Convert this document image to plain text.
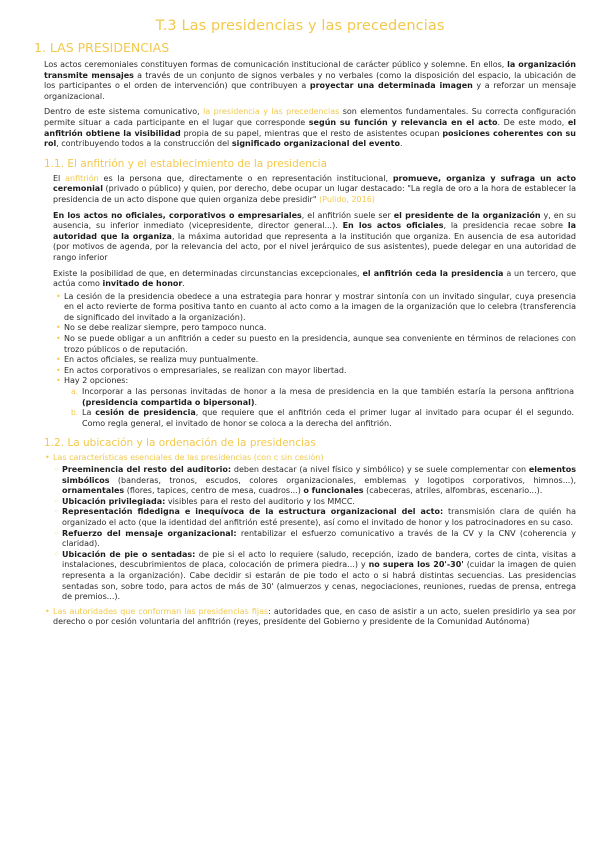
T.3 Las presidencias y las precedencias
1. LAS PRESIDENCIAS

Los actos ceremoniales constituyen formas de comunicación institucional de carácter público y solemne. En ellos, la organización transmite mensajes a través de un conjunto de signos verbales y no verbales (como la disposición del espacio, la ubicación de los participantes o el orden de intervención) que contribuyen a proyectar una determinada imagen y a reforzar un mensaje organizacional.

Dentro de este sistema comunicativo, la presidencia y las precedencias son elementos fundamentales. Su correcta configuración permite situar a cada participante en el lugar que corresponde según su función y relevancia en el acto. De este modo, el anfitrión obtiene la visibilidad propia de su papel, mientras que el resto de asistentes ocupan posiciones coherentes con su rol, contribuyendo todos a la construcción del significado organizacional del evento.

1.1. El anfitrión y el establecimiento de la presidencia

El anfitrión es la persona que, directamente o en representación institucional, promueve, organiza y sufraga un acto ceremonial (privado o público) y quien, por derecho, debe ocupar un lugar destacado: "La regla de oro a la hora de establecer la presidencia de un acto dispone que quien organiza debe presidir" (Pulido, 2016)

En los actos no oficiales, corporativos o empresariales, el anfitrión suele ser el presidente de la organización y, en su ausencia, su inferior inmediato (vicepresidente, director general...). En los actos oficiales, la presidencia recae sobre la autoridad que la organiza, la máxima autoridad que representa a la institución que organiza. En ausencia de esa autoridad (por motivos de agenda, por la relevancia del acto, por el nivel jerárquico de sus asistentes), puede delegar en una autoridad de rango inferior

Existe la posibilidad de que, en determinadas circunstancias excepcionales, el anfitrión ceda la presidencia a un tercero, que actúa como invitado de honor.

• La cesión de la presidencia obedece a una estrategia para honrar y mostrar sintonía con un invitado singular, cuya presencia en el acto revierte de forma positiva tanto en cuanto al acto como a la imagen de la organización que lo celebra (transferencia de significado del invitado a la organización).
• No se debe realizar siempre, pero tampoco nunca.
• No se puede obligar a un anfitrión a ceder su puesto en la presidencia, aunque sea conveniente en términos de relaciones con trozo públicos o de reputación.
• En actos oficiales, se realiza muy puntualmente.
• En actos corporativos o empresariales, se realizan con mayor libertad.
• Hay 2 opciones:
a. Incorporar a las personas invitadas de honor a la mesa de presidencia en la que también estaría la persona anfitriona (presidencia compartida o bipersonal).
b. La cesión de presidencia, que requiere que el anfitrión ceda el primer lugar al invitado para ocupar él el segundo. Como regla general, el invitado de honor se coloca a la derecha del anfitrión.
1.2. La ubicación y la ordenación de la presidencias
• Las características esenciales de las presidencias (con c sin cesión)
◦ Preeminencia del resto del auditorio: deben destacar (a nivel físico y simbólico) y se suele complementar con elementos simbólicos (banderas, tronos, escudos, colores organizacionales, emblemas y logotipos corporativos, himnos...), ornamentales (flores, tapices, centro de mesa, cuadros...) o funcionales (cabeceras, atriles, alfombras, escenario...).
◦ Ubicación privilegiada: visibles para el resto del auditorio y los MMCC.
◦ Representación fidedigna e inequívoca de la estructura organizacional del acto: transmisión clara de quién ha organizado el acto (que la identidad del anfitrión esté presente), así como el invitado de honor y los patrocinadores en su caso.
◦ Refuerzo del mensaje organizacional: rentabilizar el esfuerzo comunicativo a través de la CV y la CNV (coherencia y claridad).
◦ Ubicación de pie o sentadas: de pie si el acto lo requiere (saludo, recepción, izado de bandera, cortes de cinta, visitas a instalaciones, descubrimientos de placa, colocación de primera piedra...) y no supera los 20'-30' (cuidar la imagen de quien representa a la organización). Cabe decidir si estarán de pie todo el acto o si habrá distintas secuencias. Las presidencias sentadas son, sobre todo, para actos de más de 30' (almuerzos y cenas, negociaciones, reuniones, ruedas de prensa, entrega de premios...).
• Las autoridades que conforman las presidencias fijas: autoridades que, en caso de asistir a un acto, suelen presidirlo ya sea por derecho o por cesión voluntaria del anfitrión (reyes, presidente del Gobierno y presidente de la Comunidad Autónoma)
